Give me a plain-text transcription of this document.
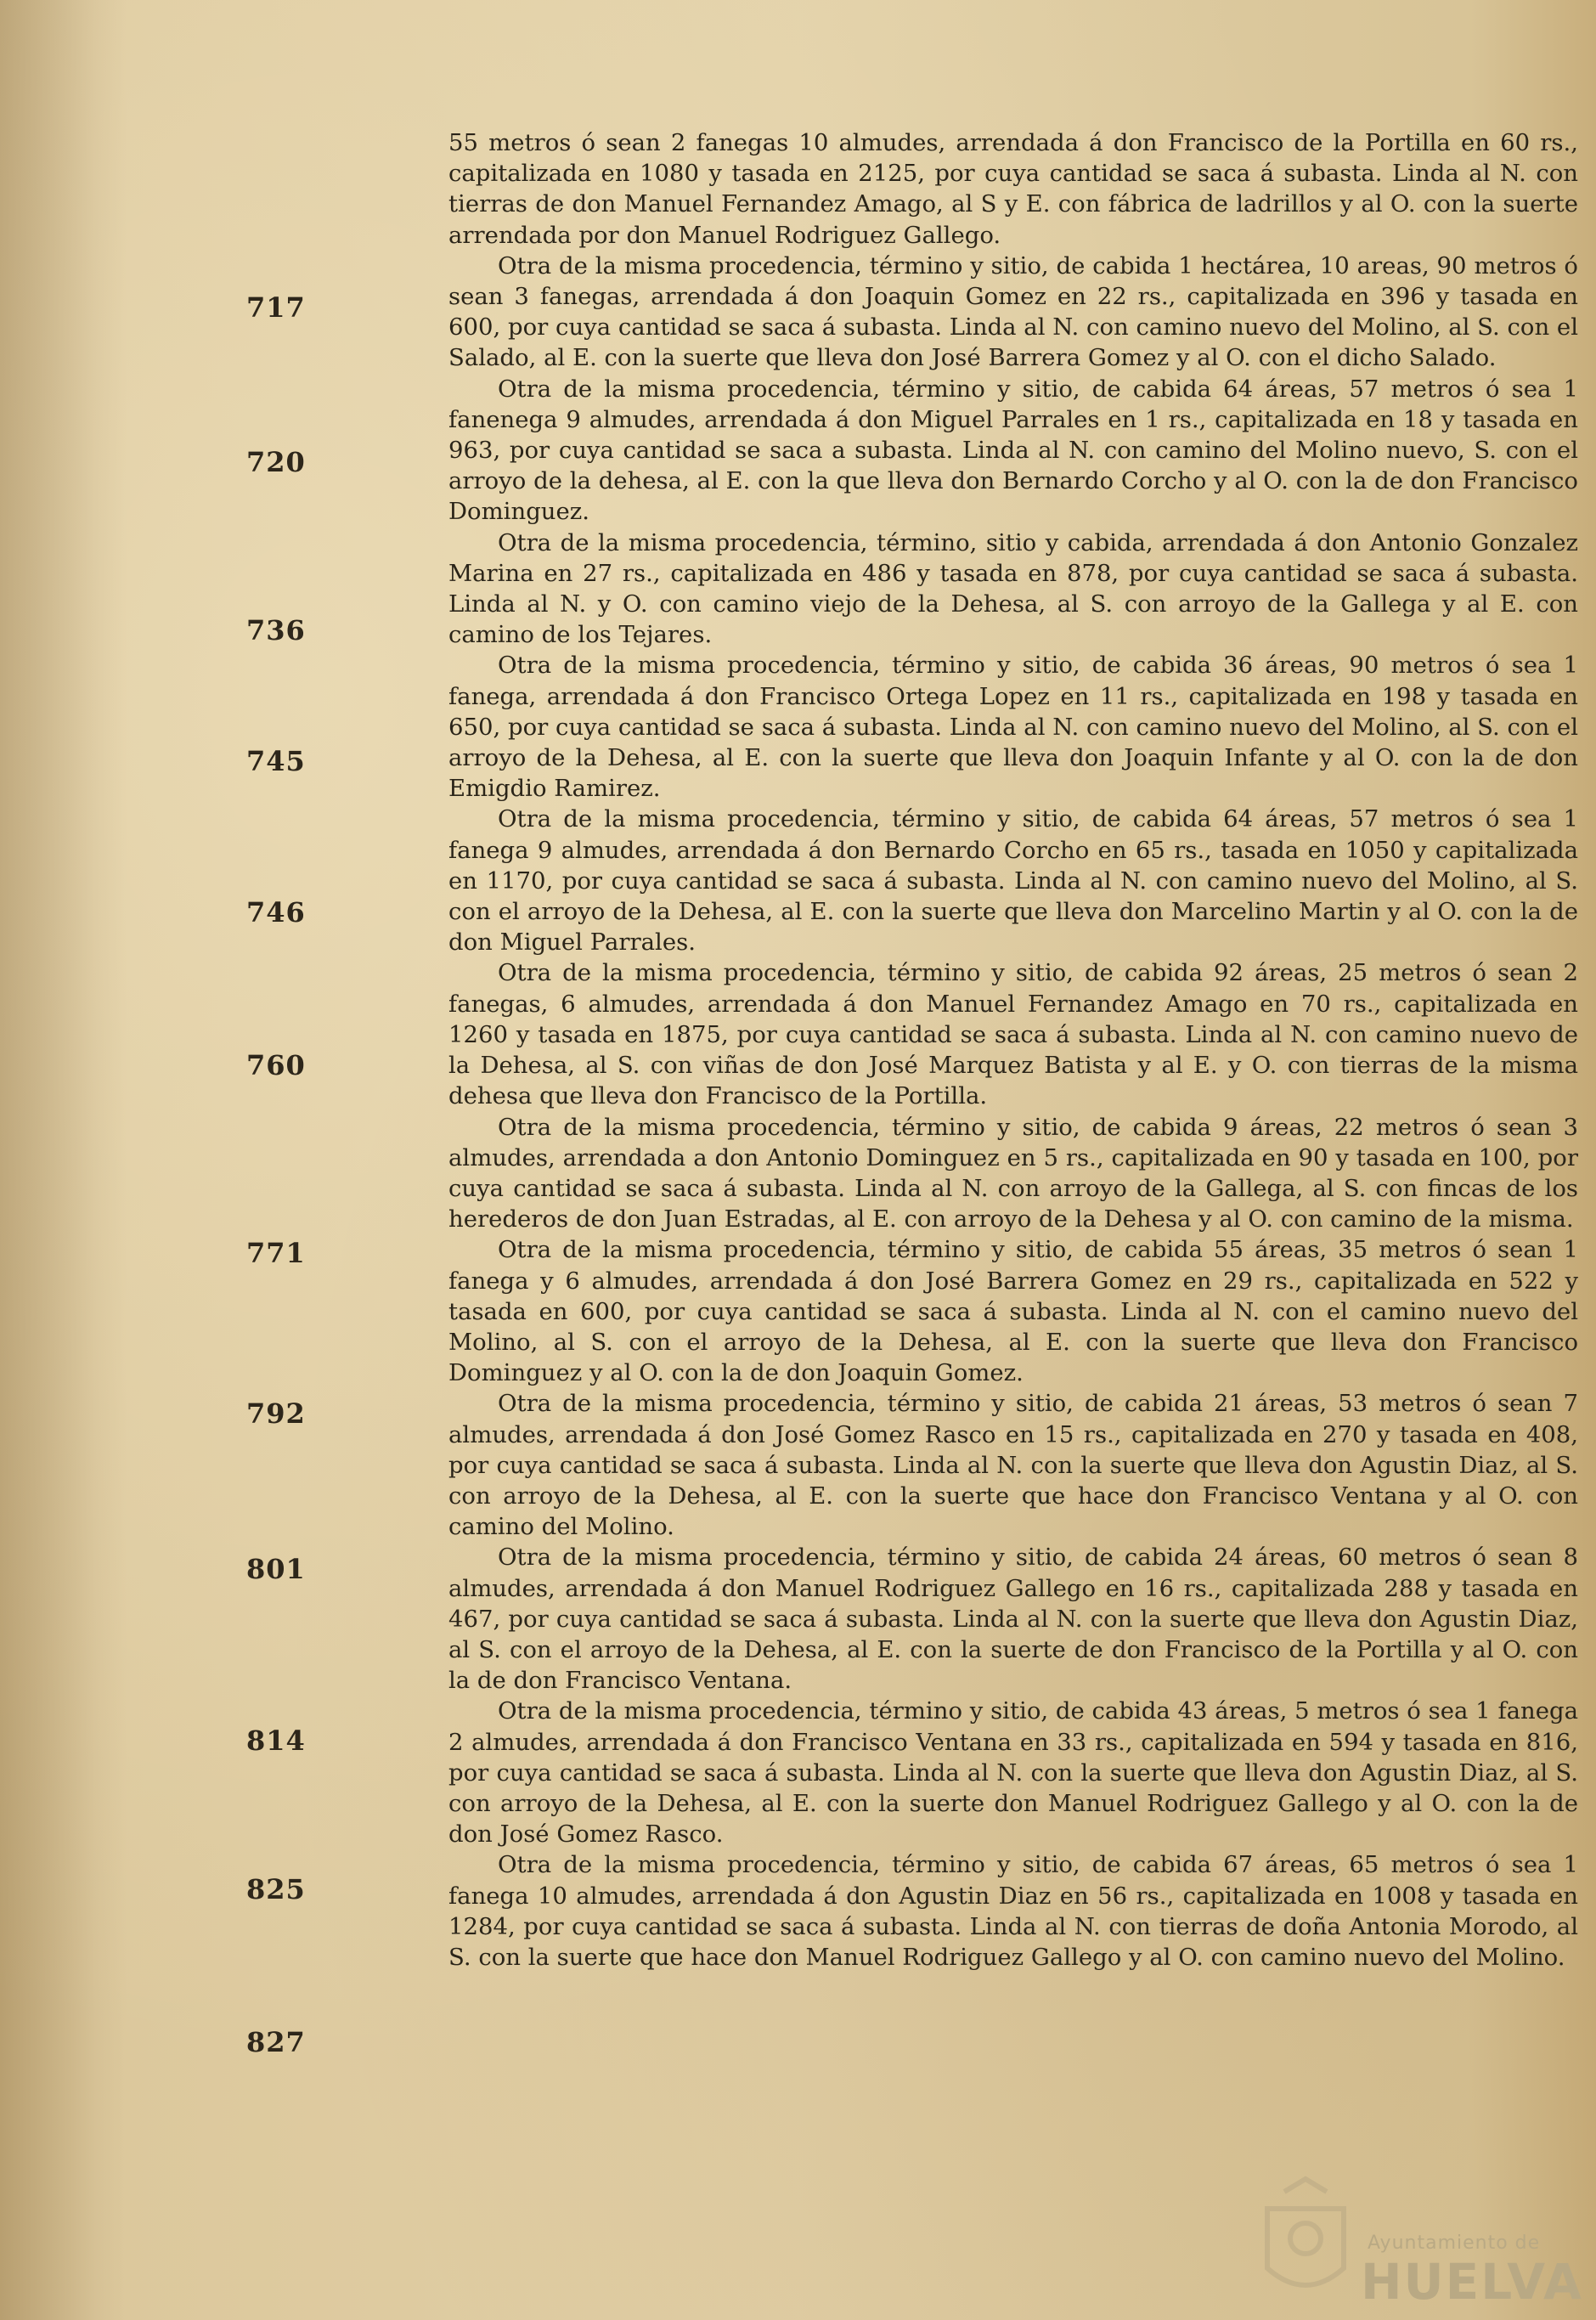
717
720
736
745
746
760
771
792
801
814
825
827

55 metros ó sean 2 fanegas 10 almudes, arrendada á don Francisco de la Portilla en 60 rs., capitalizada en 1080 y tasada en 2125, por cuya cantidad se saca á subasta. Linda al N. con tierras de don Manuel Fernandez Amago, al S y E. con fábrica de ladrillos y al O. con la suerte arrendada por don Manuel Rodriguez Gallego.

Otra de la misma procedencia, término y sitio, de cabida 1 hectárea, 10 areas, 90 metros ó sean 3 fanegas, arrendada á don Joaquin Gomez en 22 rs., capitalizada en 396 y tasada en 600, por cuya cantidad se saca á subasta. Linda al N. con camino nuevo del Molino, al S. con el Salado, al E. con la suerte que lleva don José Barrera Gomez y al O. con el dicho Salado.

Otra de la misma procedencia, término y sitio, de cabida 64 áreas, 57 metros ó sea 1 fanenega 9 almudes, arrendada á don Miguel Parrales en 1 rs., capitalizada en 18 y tasada en 963, por cuya cantidad se saca a subasta. Linda al N. con camino del Molino nuevo, S. con el arroyo de la dehesa, al E. con la que lleva don Bernardo Corcho y al O. con la de don Francisco Dominguez.

Otra de la misma procedencia, término, sitio y cabida, arrendada á don Antonio Gonzalez Marina en 27 rs., capitalizada en 486 y tasada en 878, por cuya cantidad se saca á subasta. Linda al N. y O. con camino viejo de la Dehesa, al S. con arroyo de la Gallega y al E. con camino de los Tejares.

Otra de la misma procedencia, término y sitio, de cabida 36 áreas, 90 metros ó sea 1 fanega, arrendada á don Francisco Ortega Lopez en 11 rs., capitalizada en 198 y tasada en 650, por cuya cantidad se saca á subasta. Linda al N. con camino nuevo del Molino, al S. con el arroyo de la Dehesa, al E. con la suerte que lleva don Joaquin Infante y al O. con la de don Emigdio Ramirez.

Otra de la misma procedencia, término y sitio, de cabida 64 áreas, 57 metros ó sea 1 fanega 9 almudes, arrendada á don Bernardo Corcho en 65 rs., tasada en 1050 y capitalizada en 1170, por cuya cantidad se saca á subasta. Linda al N. con camino nuevo del Molino, al S. con el arroyo de la Dehesa, al E. con la suerte que lleva don Marcelino Martin y al O. con la de don Miguel Parrales.

Otra de la misma procedencia, término y sitio, de cabida 92 áreas, 25 metros ó sean 2 fanegas, 6 almudes, arrendada á don Manuel Fernandez Amago en 70 rs., capitalizada en 1260 y tasada en 1875, por cuya cantidad se saca á subasta. Linda al N. con camino nuevo de la Dehesa, al S. con viñas de don José Marquez Batista y al E. y O. con tierras de la misma dehesa que lleva don Francisco de la Portilla.

Otra de la misma procedencia, término y sitio, de cabida 9 áreas, 22 metros ó sean 3 almudes, arrendada a don Antonio Dominguez en 5 rs., capitalizada en 90 y tasada en 100, por cuya cantidad se saca á subasta. Linda al N. con arroyo de la Gallega, al S. con fincas de los herederos de don Juan Estradas, al E. con arroyo de la Dehesa y al O. con camino de la misma.

Otra de la misma procedencia, término y sitio, de cabida 55 áreas, 35 metros ó sean 1 fanega y 6 almudes, arrendada á don José Barrera Gomez en 29 rs., capitalizada en 522 y tasada en 600, por cuya cantidad se saca á subasta. Linda al N. con el camino nuevo del Molino, al S. con el arroyo de la Dehesa, al E. con la suerte que lleva don Francisco Dominguez y al O. con la de don Joaquin Gomez.

Otra de la misma procedencia, término y sitio, de cabida 21 áreas, 53 metros ó sean 7 almudes, arrendada á don José Gomez Rasco en 15 rs., capitalizada en 270 y tasada en 408, por cuya cantidad se saca á subasta. Linda al N. con la suerte que lleva don Agustin Diaz, al S. con arroyo de la Dehesa, al E. con la suerte que hace don Francisco Ventana y al O. con camino del Molino.

Otra de la misma procedencia, término y sitio, de cabida 24 áreas, 60 metros ó sean 8 almudes, arrendada á don Manuel Rodriguez Gallego en 16 rs., capitalizada 288 y tasada en 467, por cuya cantidad se saca á subasta. Linda al N. con la suerte que lleva don Agustin Diaz, al S. con el arroyo de la Dehesa, al E. con la suerte de don Francisco de la Portilla y al O. con la de don Francisco Ventana.

Otra de la misma procedencia, término y sitio, de cabida 43 áreas, 5 metros ó sea 1 fanega 2 almudes, arrendada á don Francisco Ventana en 33 rs., capitalizada en 594 y tasada en 816, por cuya cantidad se saca á subasta. Linda al N. con la suerte que lleva don Agustin Diaz, al S. con arroyo de la Dehesa, al E. con la suerte don Manuel Rodriguez Gallego y al O. con la de don José Gomez Rasco.

Otra de la misma procedencia, término y sitio, de cabida 67 áreas, 65 metros ó sea 1 fanega 10 almudes, arrendada á don Agustin Diaz en 56 rs., capitalizada en 1008 y tasada en 1284, por cuya cantidad se saca á subasta. Linda al N. con tierras de doña Antonia Morodo, al S. con la suerte que hace don Manuel Rodriguez Gallego y al O. con camino nuevo del Molino.

Ayuntamiento de
HUELVA
